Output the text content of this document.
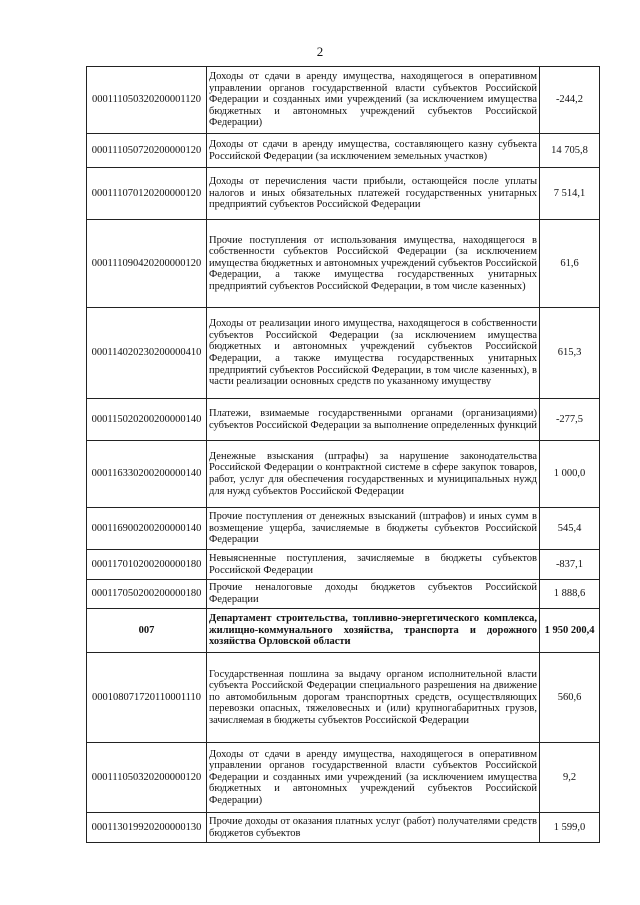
2
000111050320200001120	Доходы от сдачи в аренду имущества, находящегося в оперативном управлении органов государственной власти субъектов Российской Федерации и созданных ими учреждений (за исключением имущества бюджетных и автономных учреждений субъектов Российской Федерации)	-244,2
000111050720200000120	Доходы от сдачи в аренду имущества, составляющего казну субъекта Российской Федерации (за исключением земельных участков)	14 705,8
000111070120200000120	Доходы от перечисления части прибыли, остающейся после уплаты налогов и иных обязательных платежей государственных унитарных предприятий субъектов Российской Федерации	7 514,1
000111090420200000120	Прочие поступления от использования имущества, находящегося в собственности субъектов Российской Федерации (за исключением имущества бюджетных и автономных учреждений субъектов Российской Федерации, а также имущества государственных унитарных предприятий субъектов Российской Федерации, в том числе казенных)	61,6
000114020230200000410	Доходы от реализации иного имущества, находящегося в собственности субъектов Российской Федерации (за исключением имущества бюджетных и автономных учреждений субъектов Российской Федерации, а также имущества государственных унитарных предприятий субъектов Российской Федерации, в том числе казенных), в части реализации основных средств по указанному имуществу	615,3
000115020200200000140	Платежи, взимаемые государственными органами (организациями) субъектов Российской Федерации за выполнение определенных функций	-277,5
000116330200200000140	Денежные взыскания (штрафы) за нарушение законодательства Российской Федерации о контрактной системе в сфере закупок товаров, работ, услуг для обеспечения государственных и муниципальных нужд для нужд субъектов Российской Федерации	1 000,0
000116900200200000140	Прочие поступления от денежных взысканий (штрафов) и иных сумм в возмещение ущерба, зачисляемые в бюджеты субъектов Российской Федерации	545,4
000117010200200000180	Невыясненные поступления, зачисляемые в бюджеты субъектов Российской Федерации	-837,1
000117050200200000180	Прочие неналоговые доходы бюджетов субъектов Российской Федерации	1 888,6
007	Департамент строительства, топливно-энергетического комплекса, жилищно-коммунального хозяйства, транспорта и дорожного хозяйства Орловской области	1 950 200,4
000108071720110001110	Государственная пошлина за выдачу органом исполнительной власти субъекта Российской Федерации специального разрешения на движение по автомобильным дорогам транспортных средств, осуществляющих перевозки опасных, тяжеловесных и (или) крупногабаритных грузов, зачисляемая в бюджеты субъектов Российской Федерации	560,6
000111050320200000120	Доходы от сдачи в аренду имущества, находящегося в оперативном управлении органов государственной власти субъектов Российской Федерации и созданных ими учреждений (за исключением имущества бюджетных и автономных учреждений субъектов Российской Федерации)	9,2
000113019920200000130	Прочие доходы от оказания платных услуг (работ) получателями средств бюджетов субъектов	1 599,0
